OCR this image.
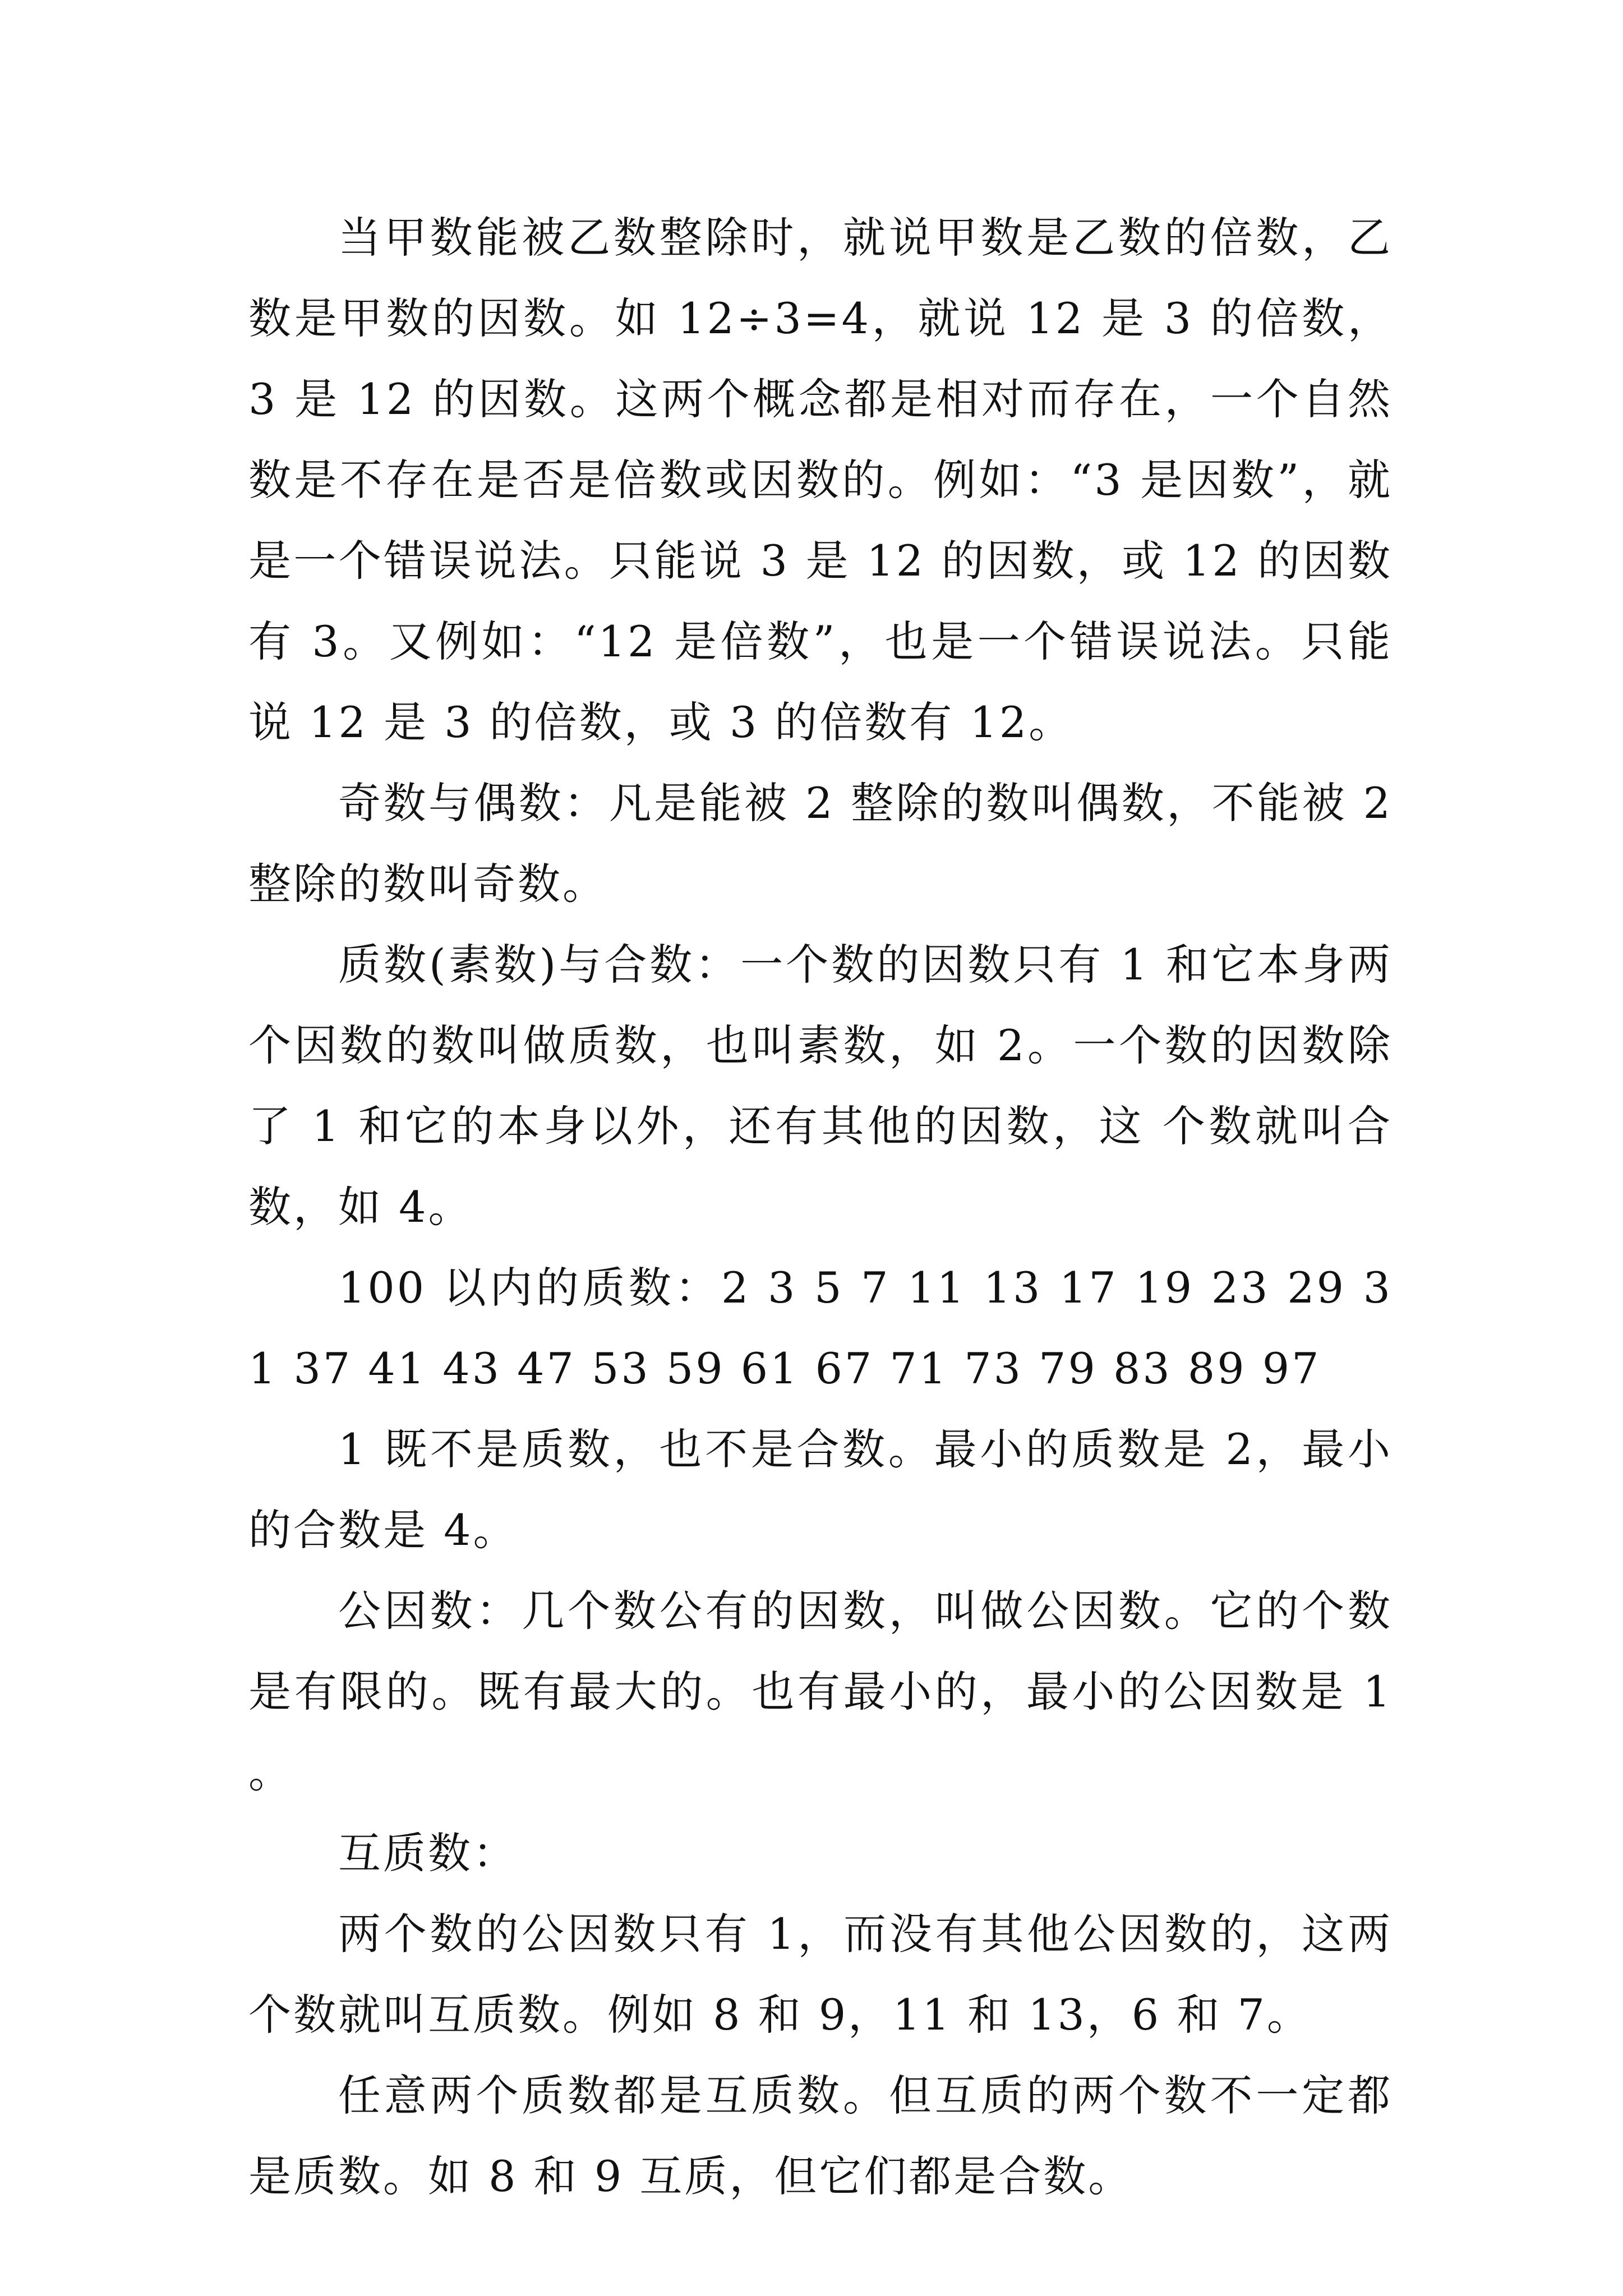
当甲数能被乙数整除时，就说甲数是乙数的倍数，乙数是甲数的因数。如 12÷3=4，就说 12 是 3 的倍数，3 是 12 的因数。这两个概念都是相对而存在，一个自然数是不存在是否是倍数或因数的。例如：“3 是因数”，就是一个错误说法。只能说 3 是 12 的因数，或 12 的因数有 3。又例如：“12 是倍数”，也是一个错误说法。只能说 12 是 3 的倍数，或 3 的倍数有 12。

奇数与偶数：凡是能被 2 整除的数叫偶数，不能被 2 整除的数叫奇数。

质数(素数)与合数：一个数的因数只有 1 和它本身两个因数的数叫做质数，也叫素数，如 2。一个数的因数除了 1 和它的本身以外，还有其他的因数，这 个数就叫合数，如 4。

100 以内的质数：2 3 5 7 11 13 17 19 23 29 31 37 41 43 47 53 59 61 67 71 73 79 83 89 97

1 既不是质数，也不是合数。最小的质数是 2，最小的合数是 4。

公因数：几个数公有的因数，叫做公因数。它的个数是有限的。既有最大的。也有最小的，最小的公因数是 1。

互质数：

两个数的公因数只有 1，而没有其他公因数的，这两个数就叫互质数。例如 8 和 9，11 和 13，6 和 7。

任意两个质数都是互质数。但互质的两个数不一定都是质数。如 8 和 9 互质，但它们都是合数。
